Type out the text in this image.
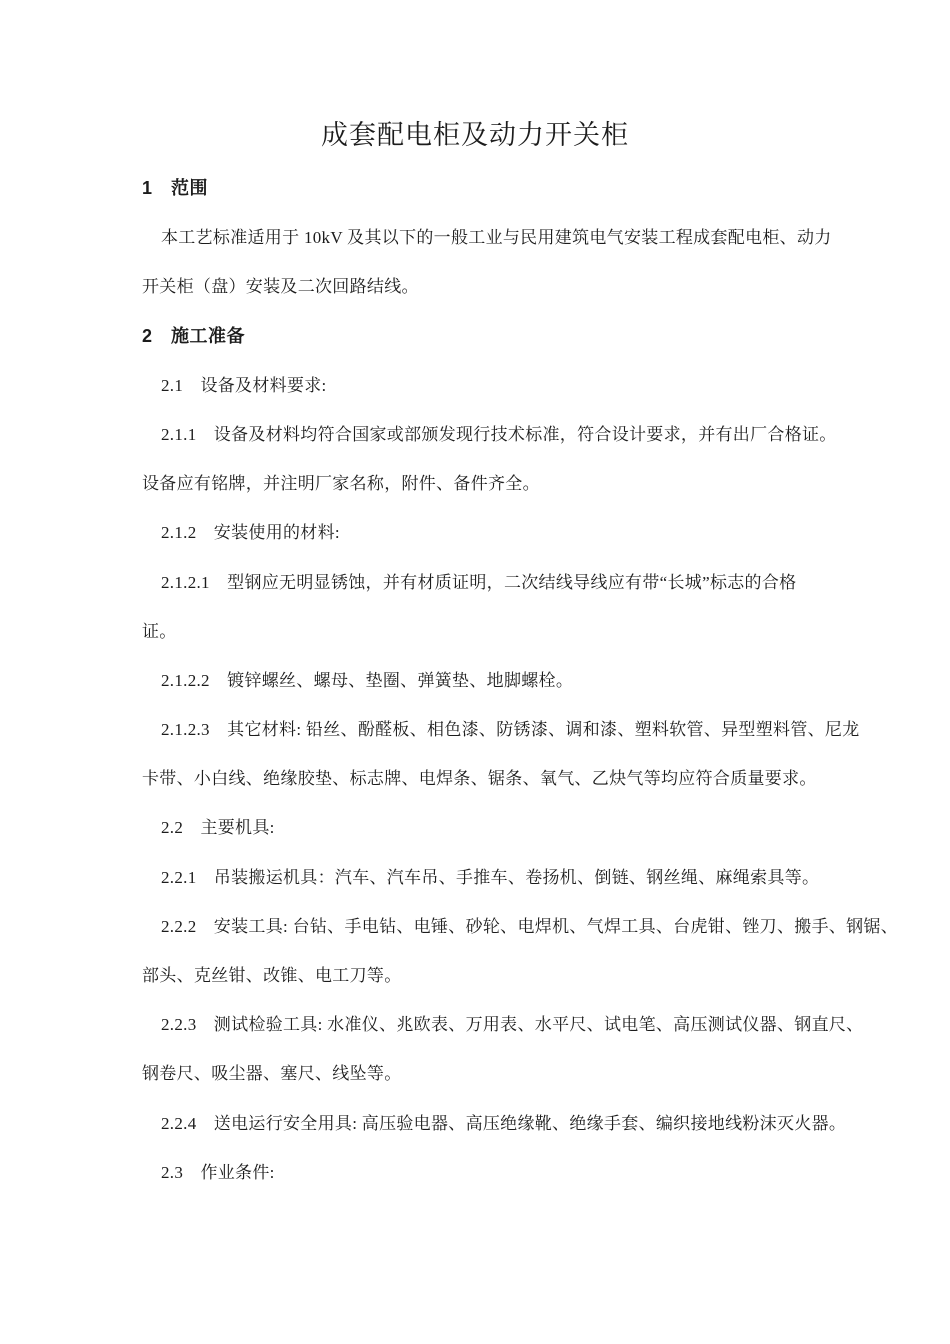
成套配电柜及动力开关柜
1　范围
本工艺标准适用于 10kV 及其以下的一般工业与民用建筑电气安装工程成套配电柜、动力
开关柜（盘）安装及二次回路结线。
2　施工准备
2.1　设备及材料要求:
2.1.1　设备及材料均符合国家或部颁发现行技术标准，符合设计要求，并有出厂合格证。
设备应有铭牌，并注明厂家名称，附件、备件齐全。
2.1.2　安装使用的材料:
2.1.2.1　型钢应无明显锈蚀，并有材质证明，二次结线导线应有带“长城”标志的合格
证。
2.1.2.2　镀锌螺丝、螺母、垫圈、弹簧垫、地脚螺栓。
2.1.2.3　其它材料: 铅丝、酚醛板、相色漆、防锈漆、调和漆、塑料软管、异型塑料管、尼龙
卡带、小白线、绝缘胶垫、标志牌、电焊条、锯条、氧气、乙炔气等均应符合质量要求。
2.2　主要机具:
2.2.1　吊装搬运机具：汽车、汽车吊、手推车、卷扬机、倒链、钢丝绳、麻绳索具等。
2.2.2　安装工具: 台钻、手电钻、电锤、砂轮、电焊机、气焊工具、台虎钳、锉刀、搬手、钢锯、
部头、克丝钳、改锥、电工刀等。
2.2.3　测试检验工具: 水准仪、兆欧表、万用表、水平尺、试电笔、高压测试仪器、钢直尺、
钢卷尺、吸尘器、塞尺、线坠等。
2.2.4　送电运行安全用具: 高压验电器、高压绝缘靴、绝缘手套、编织接地线粉沫灭火器。
2.3　作业条件:
